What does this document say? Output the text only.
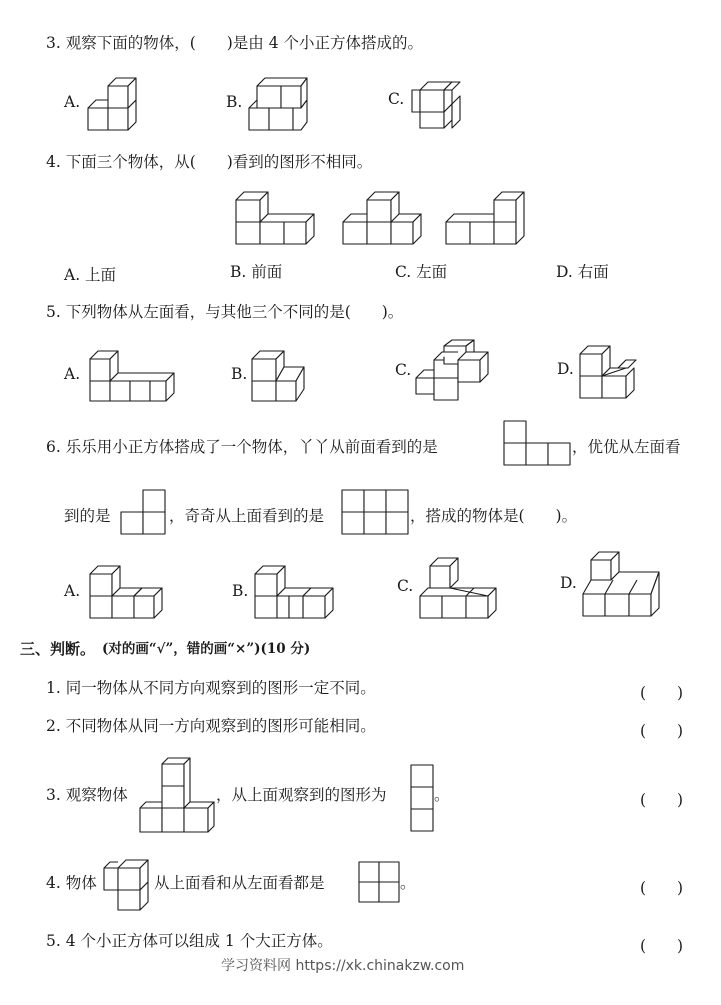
3. 观察下面的物体，(　　)是由 4 个小正方体搭成的。
A.	B.	C.
4. 下面三个物体，从(　　)看到的图形不相同。
A. 上面	B. 前面	C. 左面	D. 右面
5. 下列物体从左面看，与其他三个不同的是(　　)。
A.	B.	C.	D.
6. 乐乐用小正方体搭成了一个物体，丫丫从前面看到的是	，优优从左面看
到的是	，奇奇从上面看到的是	，搭成的物体是(　　)。
A.	B.	C.	D.
三、判断。 (对的画“√”，错的画“×”)(10 分)
1. 同一物体从不同方向观察到的图形一定不同。	(　　)
2. 不同物体从同一方向观察到的图形可能相同。	(　　)
3. 观察物体	，从上面观察到的图形为	。	(　　)
4. 物体	从上面看和从左面看都是	。	(　　)
5. 4 个小正方体可以组成 1 个大正方体。	(　　)
学习资料网 https://xk.chinakzw.com
